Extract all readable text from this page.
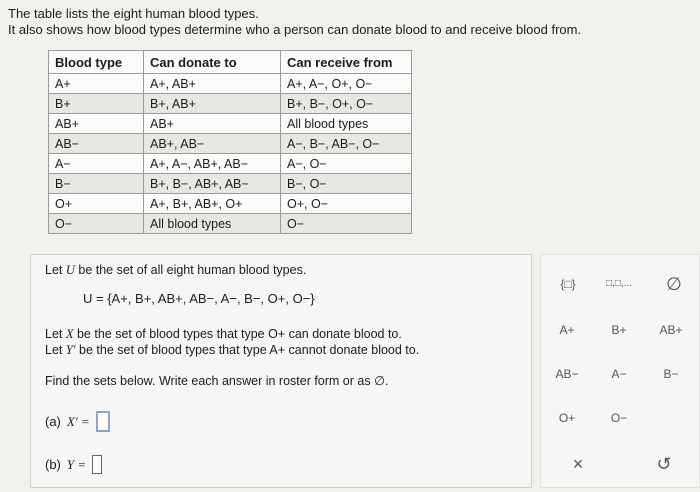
The table lists the eight human blood types.
It also shows how blood types determine who a person can donate blood to and receive blood from.
Blood type	Can donate to	Can receive from
A+	A+, AB+	A+, A−, O+, O−
B+	B+, AB+	B+, B−, O+, O−
AB+	AB+	All blood types
AB−	AB+, AB−	A−, B−, AB−, O−
A−	A+, A−, AB+, AB−	A−, O−
B−	B+, B−, AB+, AB−	B−, O−
O+	A+, B+, AB+, O+	O+, O−
O−	All blood types	O−
Let U be the set of all eight human blood types.
U = {A+, B+, AB+, AB−, A−, B−, O+, O−}
Let X be the set of blood types that type O+ can donate blood to.
Let Y′ be the set of blood types that type A+ cannot donate blood to.
Find the sets below. Write each answer in roster form or as ∅.
(a) X′ =
(b) Y =
{□}	□,□,...	∅
A+	B+	AB+
AB−	A−	B−
O+	O−
×	↺
